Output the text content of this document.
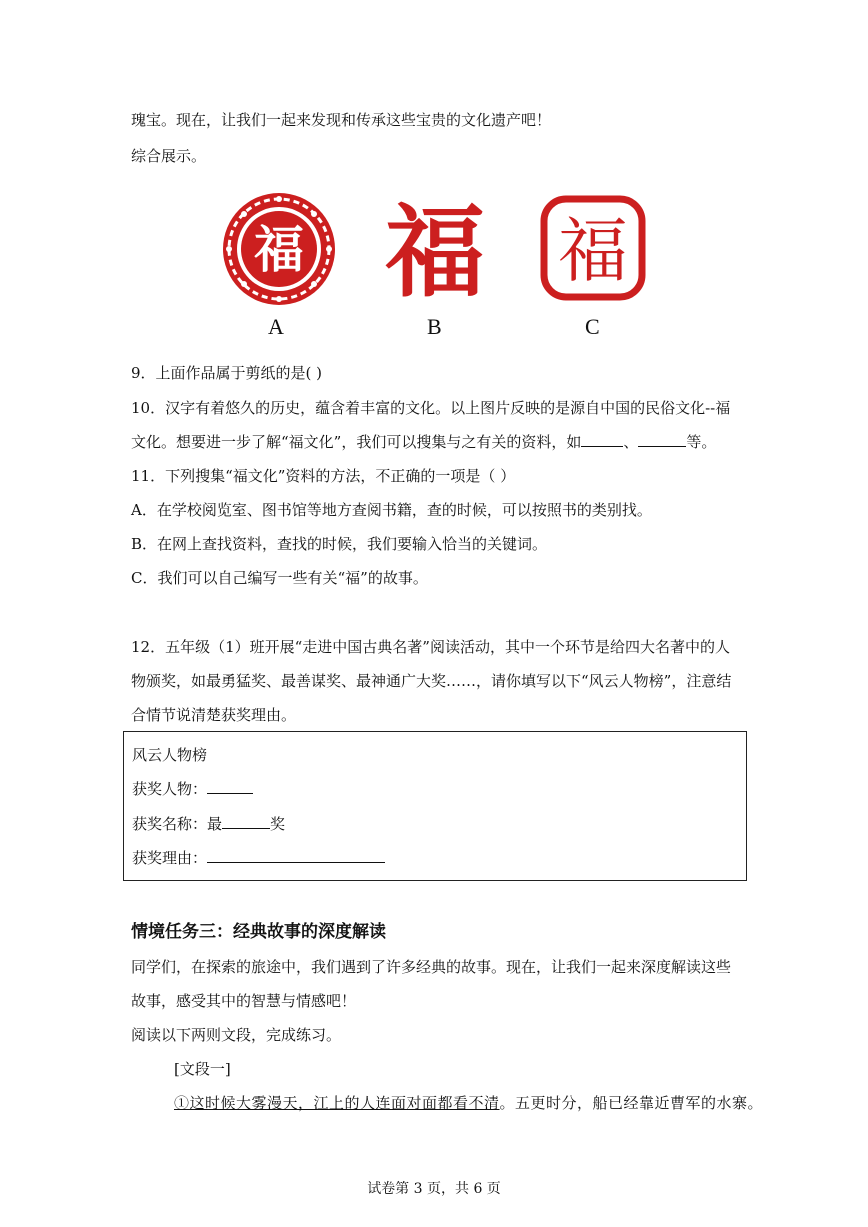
瑰宝。现在，让我们一起来发现和传承这些宝贵的文化遗产吧！
综合展示。
福 福 福
A	B	C
9．上面作品属于剪纸的是( )
10．汉字有着悠久的历史，蕴含着丰富的文化。以上图片反映的是源自中国的民俗文化--福
文化。想要进一步了解“福文化”，我们可以搜集与之有关的资料，如	、	等。
11．下列搜集“福文化”资料的方法，不正确的一项是（ ）
A．在学校阅览室、图书馆等地方查阅书籍，查的时候，可以按照书的类别找。
B．在网上查找资料，查找的时候，我们要输入恰当的关键词。
C．我们可以自己编写一些有关“福”的故事。
12．五年级（1）班开展“走进中国古典名著”阅读活动，其中一个环节是给四大名著中的人
物颁奖，如最勇猛奖、最善谋奖、最神通广大奖……，请你填写以下“风云人物榜”，注意结
合情节说清楚获奖理由。
风云人物榜
获奖人物：
获奖名称：最	奖
获奖理由：
情境任务三：经典故事的深度解读
同学们，在探索的旅途中，我们遇到了许多经典的故事。现在，让我们一起来深度解读这些
故事，感受其中的智慧与情感吧！
阅读以下两则文段，完成练习。
[文段一]
①这时候大雾漫天，江上的人连面对面都看不清。五更时分，船已经靠近曹军的水寨。
试卷第 3 页，共 6 页
